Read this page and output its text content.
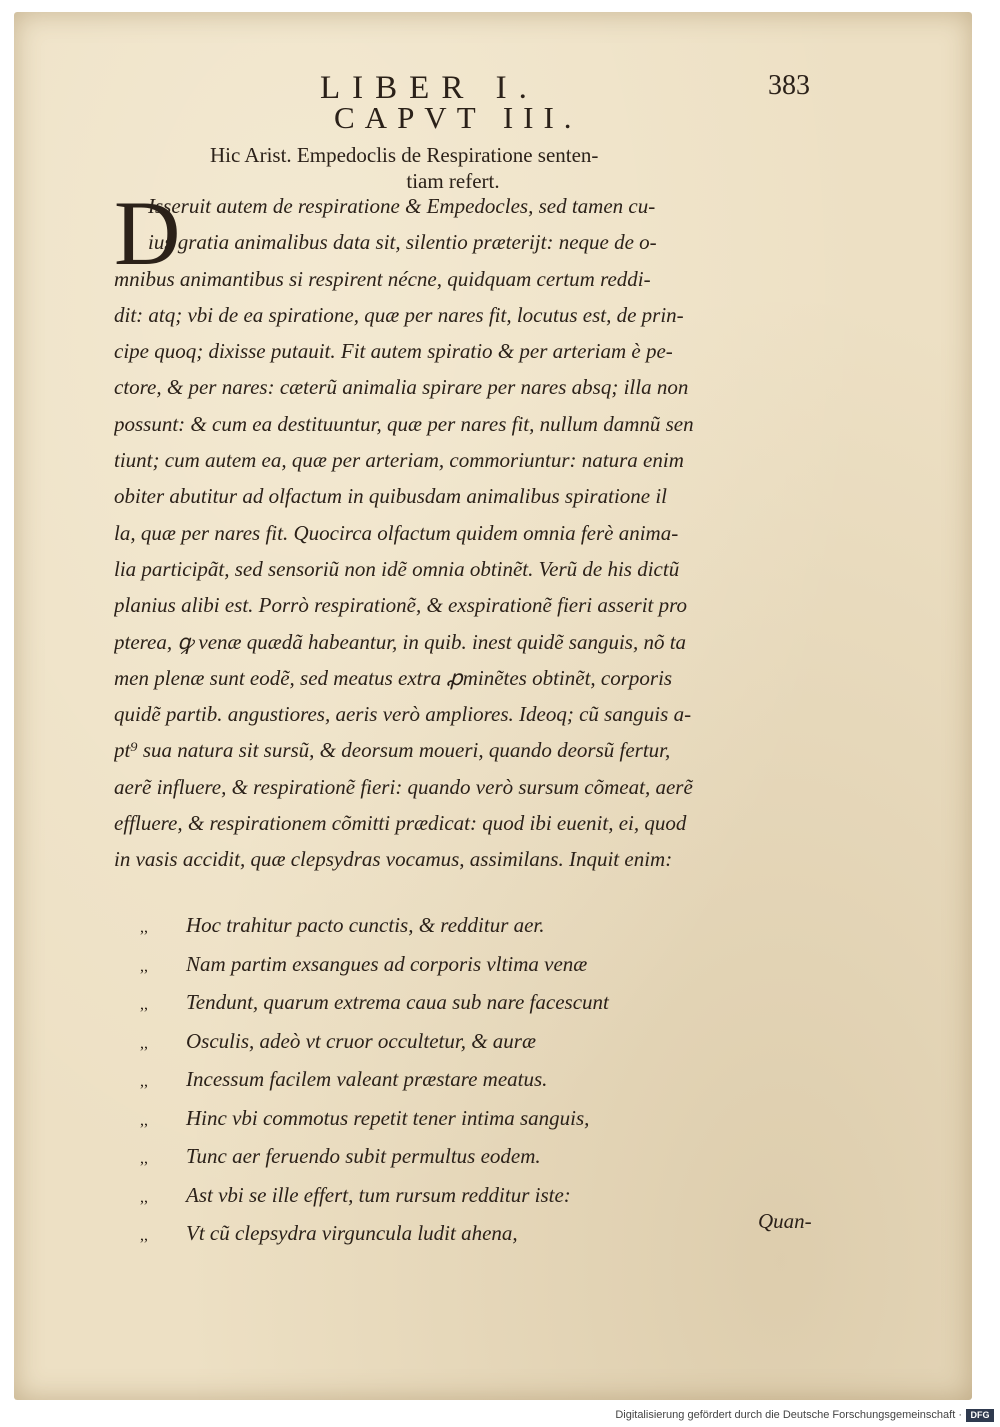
LIBER I.	383
CAPVT III.
Hic Arist. Empedoclis de Respiratione senten-
tiam refert.
D
Isseruit autem de respiratione & Empedocles, sed tamen cu-
ius gratia animalibus data sit, silentio præterijt: neque de o-
mnibus animantibus si respirent nécne, quidquam certum reddi-
dit: atq; vbi de ea spiratione, quæ per nares fit, locutus est, de prin-
cipe quoq; dixisse putauit. Fit autem spiratio & per arteriam è pe-
ctore, & per nares: cæterũ animalia spirare per nares absq; illa non
possunt: & cum ea destituuntur, quæ per nares fit, nullum damnũ sen
tiunt; cum autem ea, quæ per arteriam, commoriuntur: natura enim
obiter abutitur ad olfactum in quibusdam animalibus spiratione il
la, quæ per nares fit. Quocirca olfactum quidem omnia ferè anima-
lia participãt, sed sensoriũ non idẽ omnia obtinẽt. Verũ de his dictũ
planius alibi est. Porrò respirationẽ, & exspirationẽ fieri asserit pro
pterea, ꝙ venæ quædã habeantur, in quib. inest quidẽ sanguis, nõ ta
men plenæ sunt eodẽ, sed meatus extra ꝓminẽtes obtinẽt, corporis
quidẽ partib. angustiores, aeris verò ampliores. Ideoq; cũ sanguis a-
pt⁹ sua natura sit sursũ, & deorsum moueri, quando deorsũ fertur,
aerẽ influere, & respirationẽ fieri: quando verò sursum cõmeat, aerẽ
effluere, & respirationem cõmitti prædicat: quod ibi euenit, ei, quod
in vasis accidit, quæ clepsydras vocamus, assimilans. Inquit enim:
,, Hoc trahitur pacto cunctis, & redditur aer.
,, Nam partim exsangues ad corporis vltima venæ
,, Tendunt, quarum extrema caua sub nare facescunt
,, Osculis, adeò vt cruor occultetur, & auræ
,, Incessum facilem valeant præstare meatus.
,, Hinc vbi commotus repetit tener intima sanguis,
,, Tunc aer feruendo subit permultus eodem.
,, Ast vbi se ille effert, tum rursum redditur iste:
,, Vt cũ clepsydra virguncula ludit ahena,	Quan-
Digitalisierung gefördert durch die Deutsche Forschungsgemeinschaft · DFG
